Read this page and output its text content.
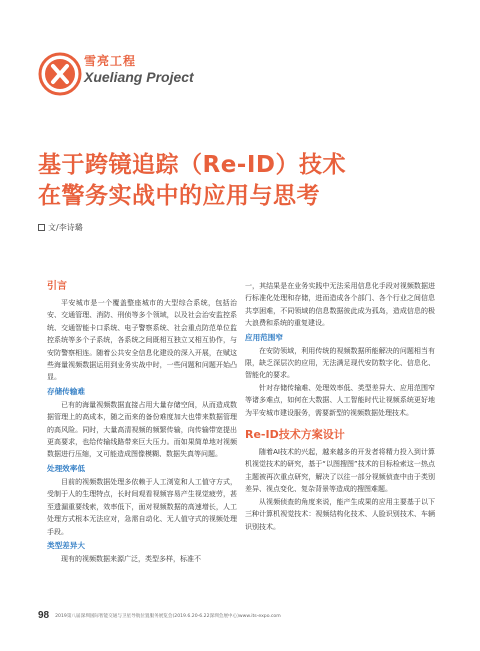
雪亮工程
Xueliang Project
基于跨镜追踪（Re-ID）技术
在警务实战中的应用与思考
文/李诗璐
引言

平安城市是一个覆盖整座城市的大型综合系统，包括治安、交通管理、消防、刑侦等多个领域，以及社会治安监控系统、交通智能卡口系统、电子警察系统、社会重点防范单位监控系统等多个子系统，各系统之间既相互独立又相互协作，与安防警察相连。随着公共安全信息化建设的深入开展，在赋这些海量视频数据运用到业务实战中时，一些问题和问题开始凸显。

存储传输难

已有的海量视频数据直接占用大量存储空间，从而造成数据管理上的高成本，随之而来的备份难度加大也带来数据管理的高风险。同时，大量高清视频的频繁传输，向传输带宽提出更高要求，也给传输线路带来巨大压力。而如果简单地对视频数据进行压缩，又可能造成图像模糊、数据失真等问题。

处理效率低

目前的视频数据处理多依赖于人工浏览和人工值守方式，受制于人的生理特点，长时间观看视频容易产生视觉疲劳，甚至遗漏重要线索，效率低下，面对视频数据的高速增长，人工处理方式根本无法应对，急需自动化、无人值守式的视频处理手段。

类型差异大

现有的视频数据来源广泛，类型多样，标准不

一，其结果是在业务实践中无法采用信息化手段对视频数据进行标准化处理和存储，进而造成各个部门、各个行业之间信息共享困难，不同领域的信息数据彼此成为孤岛，造成信息的极大浪费和系统的重复建设。

应用范围窄

在安防领域，利用传统的视频数据所能解决的问题相当有限，缺乏深层次的应用，无法满足现代安防数字化、信息化、智能化的要求。

针对存储传输难、处理效率低、类型差异大、应用范围窄等诸多难点，如何在大数据、人工智能时代让视频系统更好地为平安城市建设服务，需要新型的视频数据处理技术。

Re-ID技术方案设计

随着AI技术的兴起，越来越多的开发者将精力投入到计算机视觉技术的研究，基于“以图搜图”技术的目标检索这一热点主题被再次重点研究，解决了以往一部分视频侦查中由于类别差异、视点变化、复杂背景等造成的搜图难题。

从视频侦查的角度来说，能产生成果的应用主要基于以下三种计算机视觉技术：视频结构化技术、人脸识别技术、车辆识别技术。

98 2019第八届深圳国际智能交通与卫星导航位置服务展览会(2019.6.20-6.22深圳会展中心)www.its-expo.com
